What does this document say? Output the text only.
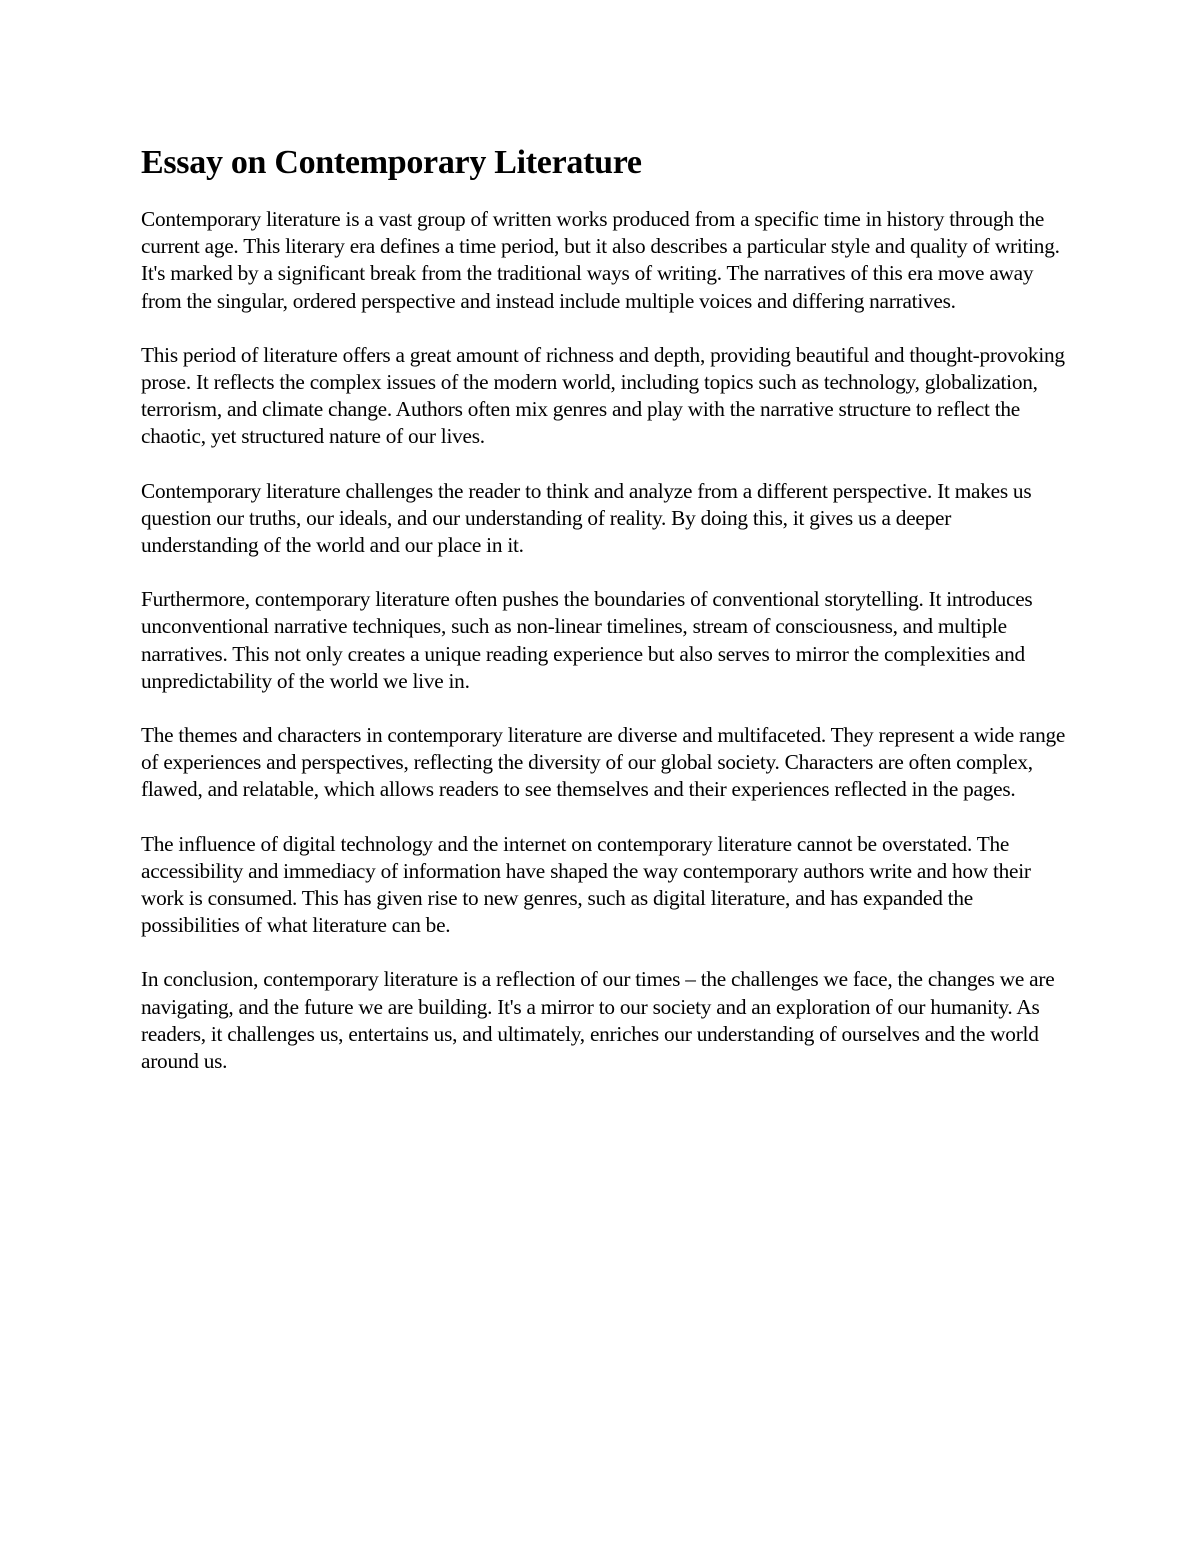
Essay on Contemporary Literature

Contemporary literature is a vast group of written works produced from a specific time in history through the current age. This literary era defines a time period, but it also describes a particular style and quality of writing. It's marked by a significant break from the traditional ways of writing. The narratives of this era move away from the singular, ordered perspective and instead include multiple voices and differing narratives.

This period of literature offers a great amount of richness and depth, providing beautiful and thought-provoking prose. It reflects the complex issues of the modern world, including topics such as technology, globalization, terrorism, and climate change. Authors often mix genres and play with the narrative structure to reflect the chaotic, yet structured nature of our lives.

Contemporary literature challenges the reader to think and analyze from a different perspective. It makes us question our truths, our ideals, and our understanding of reality. By doing this, it gives us a deeper understanding of the world and our place in it.

Furthermore, contemporary literature often pushes the boundaries of conventional storytelling. It introduces unconventional narrative techniques, such as non-linear timelines, stream of consciousness, and multiple narratives. This not only creates a unique reading experience but also serves to mirror the complexities and unpredictability of the world we live in.

The themes and characters in contemporary literature are diverse and multifaceted. They represent a wide range of experiences and perspectives, reflecting the diversity of our global society. Characters are often complex, flawed, and relatable, which allows readers to see themselves and their experiences reflected in the pages.

The influence of digital technology and the internet on contemporary literature cannot be overstated. The accessibility and immediacy of information have shaped the way contemporary authors write and how their work is consumed. This has given rise to new genres, such as digital literature, and has expanded the possibilities of what literature can be.

In conclusion, contemporary literature is a reflection of our times – the challenges we face, the changes we are navigating, and the future we are building. It's a mirror to our society and an exploration of our humanity. As readers, it challenges us, entertains us, and ultimately, enriches our understanding of ourselves and the world around us.
